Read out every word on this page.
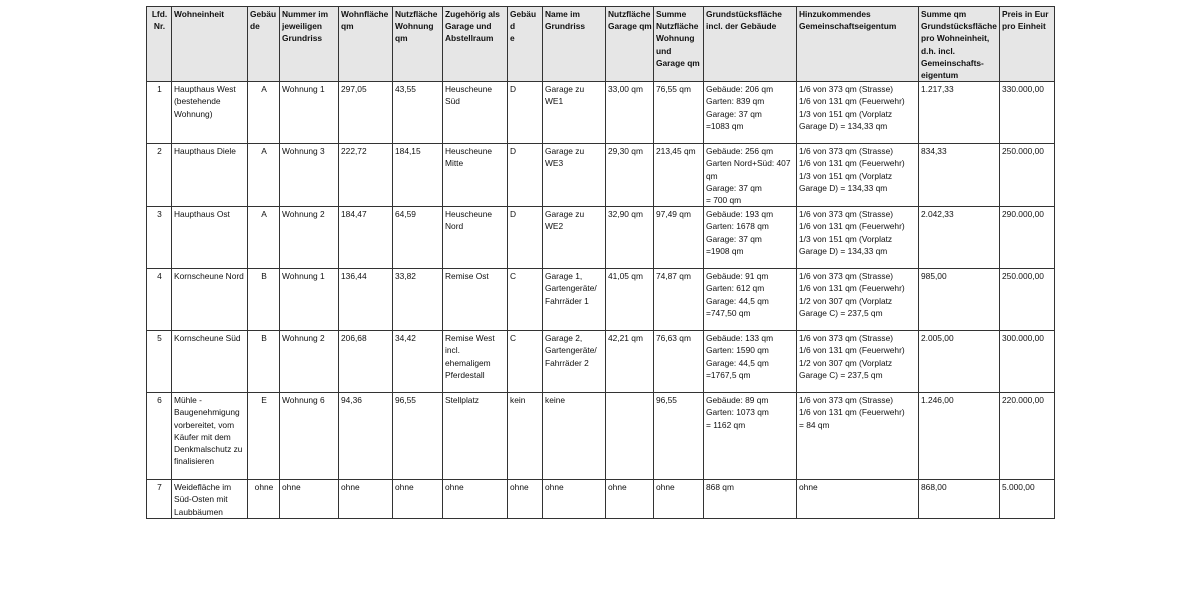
Lfd.
Nr.	Wohneinheit	Gebäu
de	Nummer im jeweiligen Grundriss	Wohnfläche qm	Nutzfläche Wohnung qm	Zugehörig als Garage und Abstellraum	Gebäud
e	Name im Grundriss	Nutzfläche Garage qm	Summe Nutzfläche Wohnung und Garage qm	Grundstücksfläche incl. der Gebäude	Hinzukommendes Gemeinschaftseigentum	Summe qm Grundstücksfläche pro Wohneinheit, d.h. incl. Gemeinschafts-eigentum	Preis in Eur pro Einheit
1	Haupthaus West (bestehende Wohnung)	A	Wohnung 1	297,05	43,55	Heuscheune Süd	D	Garage zu WE1	33,00 qm	76,55 qm	Gebäude: 206 qm
Garten: 839 qm
Garage: 37 qm
=1083 qm	1/6 von 373 qm (Strasse)
1/6 von 131 qm (Feuerwehr)
1/3 von 151 qm (Vorplatz Garage D) = 134,33 qm	1.217,33	330.000,00
2	Haupthaus Diele	A	Wohnung 3	222,72	184,15	Heuscheune Mitte	D	Garage zu WE3	29,30 qm	213,45 qm	Gebäude: 256 qm
Garten Nord+Süd: 407 qm
Garage: 37 qm
= 700 qm	1/6 von 373 qm (Strasse)
1/6 von 131 qm (Feuerwehr)
1/3 von 151 qm (Vorplatz Garage D) = 134,33 qm	834,33	250.000,00
3	Haupthaus Ost	A	Wohnung 2	184,47	64,59	Heuscheune Nord	D	Garage zu WE2	32,90 qm	97,49 qm	Gebäude: 193 qm
Garten: 1678 qm
Garage: 37 qm
=1908 qm	1/6 von 373 qm (Strasse)
1/6 von 131 qm (Feuerwehr)
1/3 von 151 qm (Vorplatz Garage D) = 134,33 qm	2.042,33	290.000,00
4	Kornscheune Nord	B	Wohnung 1	136,44	33,82	Remise Ost	C	Garage 1, Gartengeräte/ Fahrräder 1	41,05 qm	74,87 qm	Gebäude: 91 qm
Garten: 612 qm
Garage: 44,5 qm
=747,50 qm	1/6 von 373 qm (Strasse)
1/6 von 131 qm (Feuerwehr)
1/2 von 307 qm (Vorplatz Garage C) = 237,5 qm	985,00	250.000,00
5	Kornscheune Süd	B	Wohnung 2	206,68	34,42	Remise West incl. ehemaligem Pferdestall	C	Garage 2, Gartengeräte/ Fahrräder 2	42,21 qm	76,63 qm	Gebäude: 133 qm
Garten: 1590 qm
Garage: 44,5 qm
=1767,5 qm	1/6 von 373 qm (Strasse)
1/6 von 131 qm (Feuerwehr)
1/2 von 307 qm (Vorplatz Garage C) = 237,5 qm	2.005,00	300.000,00
6	Mühle - Baugenehmigung vorbereitet, vom Käufer mit dem Denkmalschutz zu finalisieren	E	Wohnung 6	94,36	96,55	Stellplatz	kein	keine		96,55	Gebäude: 89 qm
Garten: 1073 qm
= 1162 qm	1/6 von 373 qm (Strasse)
1/6 von 131 qm (Feuerwehr)
= 84 qm	1.246,00	220.000,00
7	Weidefläche im Süd-Osten mit Laubbäumen	ohne	ohne	ohne	ohne	ohne	ohne	ohne	ohne	ohne	868 qm	ohne	868,00	5.000,00
